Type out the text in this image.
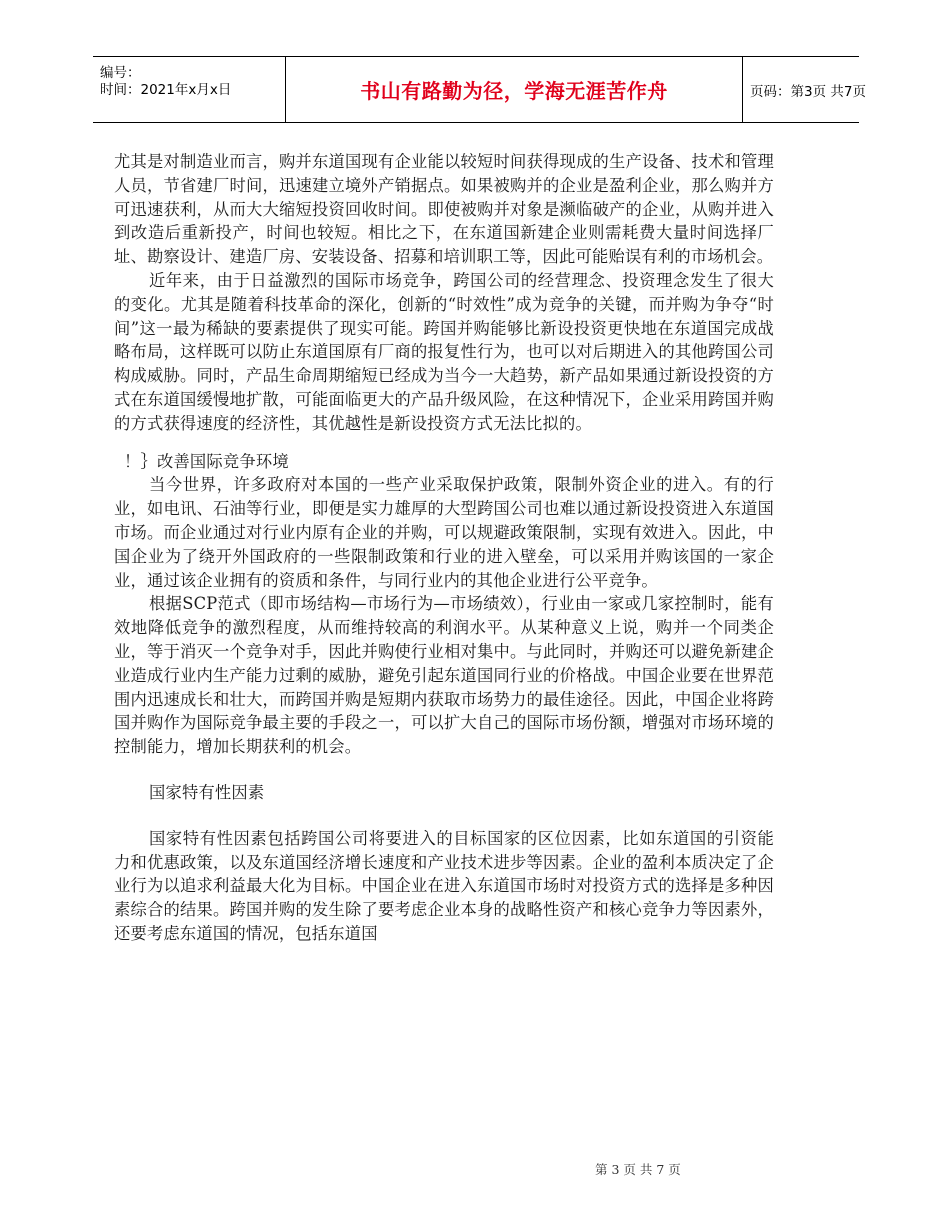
编号：
时间：2021年x月x日	书山有路勤为径，学海无涯苦作舟	页码：第3页 共7页

尤其是对制造业而言，购并东道国现有企业能以较短时间获得现成的生产设备、技术和管理人员，节省建厂时间，迅速建立境外产销据点。如果被购并的企业是盈利企业，那么购并方可迅速获利，从而大大缩短投资回收时间。即使被购并对象是濒临破产的企业，从购并进入到改造后重新投产，时间也较短。相比之下，在东道国新建企业则需耗费大量时间选择厂址、勘察设计、建造厂房、安装设备、招募和培训职工等，因此可能贻误有利的市场机会。

近年来，由于日益激烈的国际市场竞争，跨国公司的经营理念、投资理念发生了很大的变化。尤其是随着科技革命的深化，创新的“时效性”成为竞争的关键，而并购为争夺“时间”这一最为稀缺的要素提供了现实可能。跨国并购能够比新设投资更快地在东道国完成战略布局，这样既可以防止东道国原有厂商的报复性行为，也可以对后期进入的其他跨国公司构成威胁。同时，产品生命周期缩短已经成为当今一大趋势，新产品如果通过新设投资的方式在东道国缓慢地扩散，可能面临更大的产品升级风险，在这种情况下，企业采用跨国并购的方式获得速度的经济性，其优越性是新设投资方式无法比拟的。

！｝改善国际竞争环境

当今世界，许多政府对本国的一些产业采取保护政策，限制外资企业的进入。有的行业，如电讯、石油等行业，即便是实力雄厚的大型跨国公司也难以通过新设投资进入东道国市场。而企业通过对行业内原有企业的并购，可以规避政策限制，实现有效进入。因此，中国企业为了绕开外国政府的一些限制政策和行业的进入壁垒，可以采用并购该国的一家企业，通过该企业拥有的资质和条件，与同行业内的其他企业进行公平竞争。

根据SCP范式（即市场结构—市场行为—市场绩效），行业由一家或几家控制时，能有效地降低竞争的激烈程度，从而维持较高的利润水平。从某种意义上说，购并一个同类企业，等于消灭一个竞争对手，因此并购使行业相对集中。与此同时，并购还可以避免新建企业造成行业内生产能力过剩的威胁，避免引起东道国同行业的价格战。中国企业要在世界范围内迅速成长和壮大，而跨国并购是短期内获取市场势力的最佳途径。因此，中国企业将跨国并购作为国际竞争最主要的手段之一，可以扩大自己的国际市场份额，增强对市场环境的控制能力，增加长期获利的机会。

国家特有性因素

国家特有性因素包括跨国公司将要进入的目标国家的区位因素，比如东道国的引资能力和优惠政策，以及东道国经济增长速度和产业技术进步等因素。企业的盈利本质决定了企业行为以追求利益最大化为目标。中国企业在进入东道国市场时对投资方式的选择是多种因素综合的结果。跨国并购的发生除了要考虑企业本身的战略性资产和核心竞争力等因素外，还要考虑东道国的情况，包括东道国

第 3 页 共 7 页
